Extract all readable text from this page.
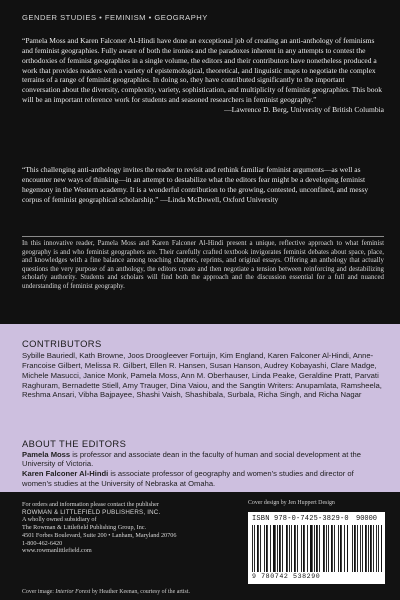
GENDER STUDIES • FEMINISM • GEOGRAPHY
“Pamela Moss and Karen Falconer Al-Hindi have done an exceptional job of creating an anti-anthology of feminisms and feminist geographies. Fully aware of both the ironies and the paradoxes inherent in any attempts to contest the orthodoxies of feminist geographies in a single volume, the editors and their contributors have nonetheless produced a work that provides readers with a variety of epistemological, theoretical, and linguistic maps to negotiate the complex terrains of a range of feminist geographies. In doing so, they have contributed significantly to the important conversation about the diversity, complexity, variety, sophistication, and multiplicity of feminist geographies. This book will be an important reference work for students and seasoned researchers in feminist geography.”
—Lawrence D. Berg, University of British Columbia
“This challenging anti-anthology invites the reader to revisit and rethink familiar feminist arguments—as well as encounter new ways of thinking—in an attempt to destabilize what the editors fear might be a developing feminist hegemony in the Western academy. It is a wonderful contribution to the growing, contested, unconfined, and messy corpus of feminist geographical scholarship.” —Linda McDowell, Oxford University

In this innovative reader, Pamela Moss and Karen Falconer Al-Hindi present a unique, reflective approach to what feminist geography is and who feminist geographers are. Their carefully crafted textbook invigorates feminist debates about space, place, and knowledges with a fine balance among teaching chapters, reprints, and original essays. Offering an anthology that actually questions the very purpose of an anthology, the editors create and then negotiate a tension between reinforcing and destabilizing scholarly authority. Students and scholars will find both the approach and the discussion essential for a full and nuanced understanding of feminist geography.

CONTRIBUTORS

Sybille Bauriedl, Kath Browne, Joos Droogleever Fortuijn, Kim England, Karen Falconer Al-Hindi, Anne-Francoise Gilbert, Melissa R. Gilbert, Ellen R. Hansen, Susan Hanson, Audrey Kobayashi, Clare Madge, Michele Masucci, Janice Monk, Pamela Moss, Ann M. Oberhauser, Linda Peake, Geraldine Pratt, Parvati Raghuram, Bernadette Stiell, Amy Trauger, Dina Vaiou, and the Sangtin Writers: Anupamlata, Ramsheela, Reshma Ansari, Vibha Bajpayee, Shashi Vaish, Shashibala, Surbala, Richa Singh, and Richa Nagar

ABOUT THE EDITORS

Pamela Moss is professor and associate dean in the faculty of human and social development at the University of Victoria.

Karen Falconer Al-Hindi is associate professor of geography and women’s studies and director of women’s studies at the University of Nebraska at Omaha.

For orders and information please contact the publisher
ROWMAN & LITTLEFIELD PUBLISHERS, INC.
A wholly owned subsidiary of
The Rowman & Littlefield Publishing Group, Inc.
4501 Forbes Boulevard, Suite 200 • Lanham, Maryland 20706
1-800-462-6420
www.rowmanlittlefield.com
Cover image: Interior Forest by Heather Keenan, courtesy of the artist.
Cover design by Jen Huppert Design
ISBN 978-0-7425-3829-0 90000
9 780742 538290
